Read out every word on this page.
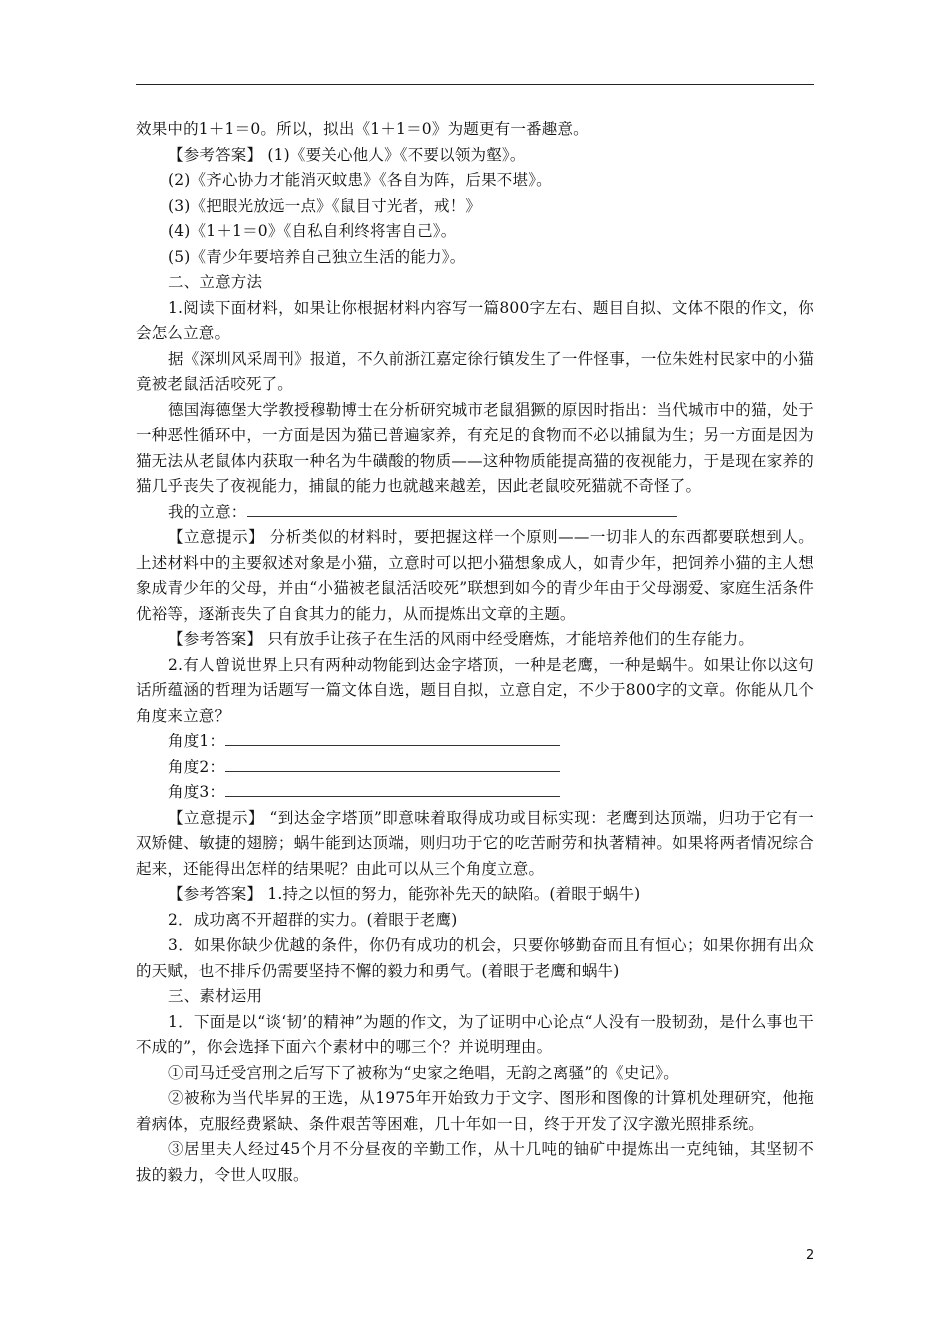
效果中的1＋1＝0。所以，拟出《1＋1＝0》为题更有一番趣意。

【参考答案】 (1)《要关心他人》《不要以领为壑》。

(2)《齐心协力才能消灭蚊患》《各自为阵，后果不堪》。

(3)《把眼光放远一点》《鼠目寸光者，戒！》

(4)《1＋1＝0》《自私自利终将害自己》。

(5)《青少年要培养自己独立生活的能力》。

二、立意方法

1.阅读下面材料，如果让你根据材料内容写一篇800字左右、题目自拟、文体不限的作文，你会怎么立意。

据《深圳风采周刊》报道，不久前浙江嘉定徐行镇发生了一件怪事，一位朱姓村民家中的小猫竟被老鼠活活咬死了。

德国海德堡大学教授穆勒博士在分析研究城市老鼠猖獗的原因时指出：当代城市中的猫，处于一种恶性循环中，一方面是因为猫已普遍家养，有充足的食物而不必以捕鼠为生；另一方面是因为猫无法从老鼠体内获取一种名为牛磺酸的物质——这种物质能提高猫的夜视能力，于是现在家养的猫几乎丧失了夜视能力，捕鼠的能力也就越来越差，因此老鼠咬死猫就不奇怪了。

我的立意：

【立意提示】 分析类似的材料时，要把握这样一个原则——一切非人的东西都要联想到人。上述材料中的主要叙述对象是小猫，立意时可以把小猫想象成人，如青少年，把饲养小猫的主人想象成青少年的父母，并由“小猫被老鼠活活咬死”联想到如今的青少年由于父母溺爱、家庭生活条件优裕等，逐渐丧失了自食其力的能力，从而提炼出文章的主题。

【参考答案】 只有放手让孩子在生活的风雨中经受磨炼，才能培养他们的生存能力。

2.有人曾说世界上只有两种动物能到达金字塔顶，一种是老鹰，一种是蜗牛。如果让你以这句话所蕴涵的哲理为话题写一篇文体自选，题目自拟，立意自定，不少于800字的文章。你能从几个角度来立意？

角度1：

角度2：

角度3：

【立意提示】 “到达金字塔顶”即意味着取得成功或目标实现：老鹰到达顶端，归功于它有一双矫健、敏捷的翅膀；蜗牛能到达顶端，则归功于它的吃苦耐劳和执著精神。如果将两者情况综合起来，还能得出怎样的结果呢？由此可以从三个角度立意。

【参考答案】 1.持之以恒的努力，能弥补先天的缺陷。(着眼于蜗牛)

2．成功离不开超群的实力。(着眼于老鹰)

3．如果你缺少优越的条件，你仍有成功的机会，只要你够勤奋而且有恒心；如果你拥有出众的天赋，也不排斥仍需要坚持不懈的毅力和勇气。(着眼于老鹰和蜗牛)

三、素材运用

1．下面是以“谈‘韧’的精神”为题的作文，为了证明中心论点“人没有一股韧劲，是什么事也干不成的”，你会选择下面六个素材中的哪三个？并说明理由。

①司马迁受宫刑之后写下了被称为“史家之绝唱，无韵之离骚”的《史记》。

②被称为当代毕昇的王选，从1975年开始致力于文字、图形和图像的计算机处理研究，他拖着病体，克服经费紧缺、条件艰苦等困难，几十年如一日，终于开发了汉字激光照排系统。

③居里夫人经过45个月不分昼夜的辛勤工作，从十几吨的铀矿中提炼出一克纯铀，其坚韧不拔的毅力，令世人叹服。

2
